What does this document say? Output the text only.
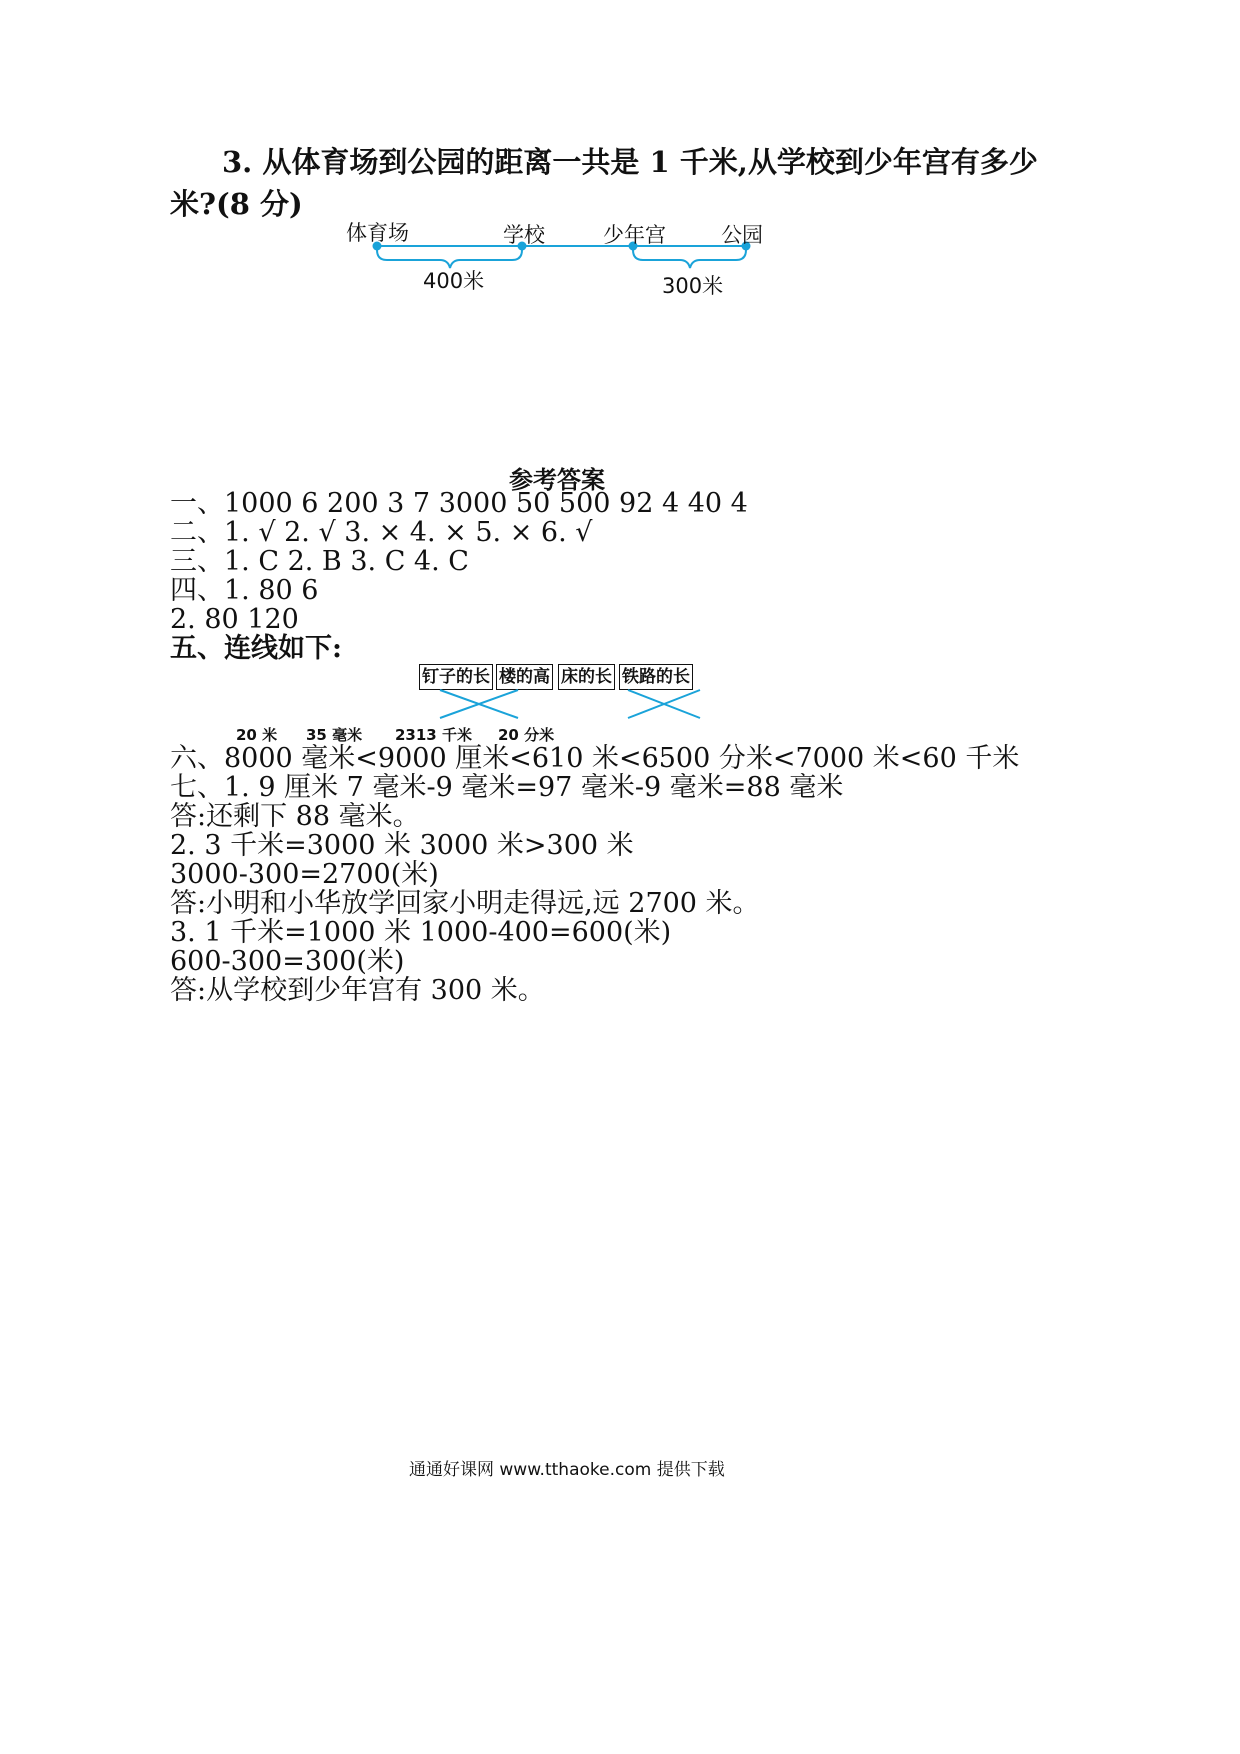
3. 从体育场到公园的距离一共是 1 千米,从学校到少年宫有多少
米?(8 分)
体育场	学校	少年宫	公园
400米	300米
参考答案
一、1000 6 200 3 7 3000 50 500 92 4 40 4
二、1. √ 2. √ 3. × 4. × 5. × 6. √
三、1. C 2. B 3. C 4. C
四、1. 80 6
2. 80 120
五、连线如下:
钉子的长 楼的高 床的长 铁路的长
20 米 35 毫米 2313 千米 20 分米
六、8000 毫米<9000 厘米<610 米<6500 分米<7000 米<60 千米
七、1. 9 厘米 7 毫米-9 毫米=97 毫米-9 毫米=88 毫米
答:还剩下 88 毫米。
2. 3 千米=3000 米 3000 米>300 米
3000-300=2700(米)
答:小明和小华放学回家小明走得远,远 2700 米。
3. 1 千米=1000 米 1000-400=600(米)
600-300=300(米)
答:从学校到少年宫有 300 米。
通通好课网 www.tthaoke.com 提供下载
